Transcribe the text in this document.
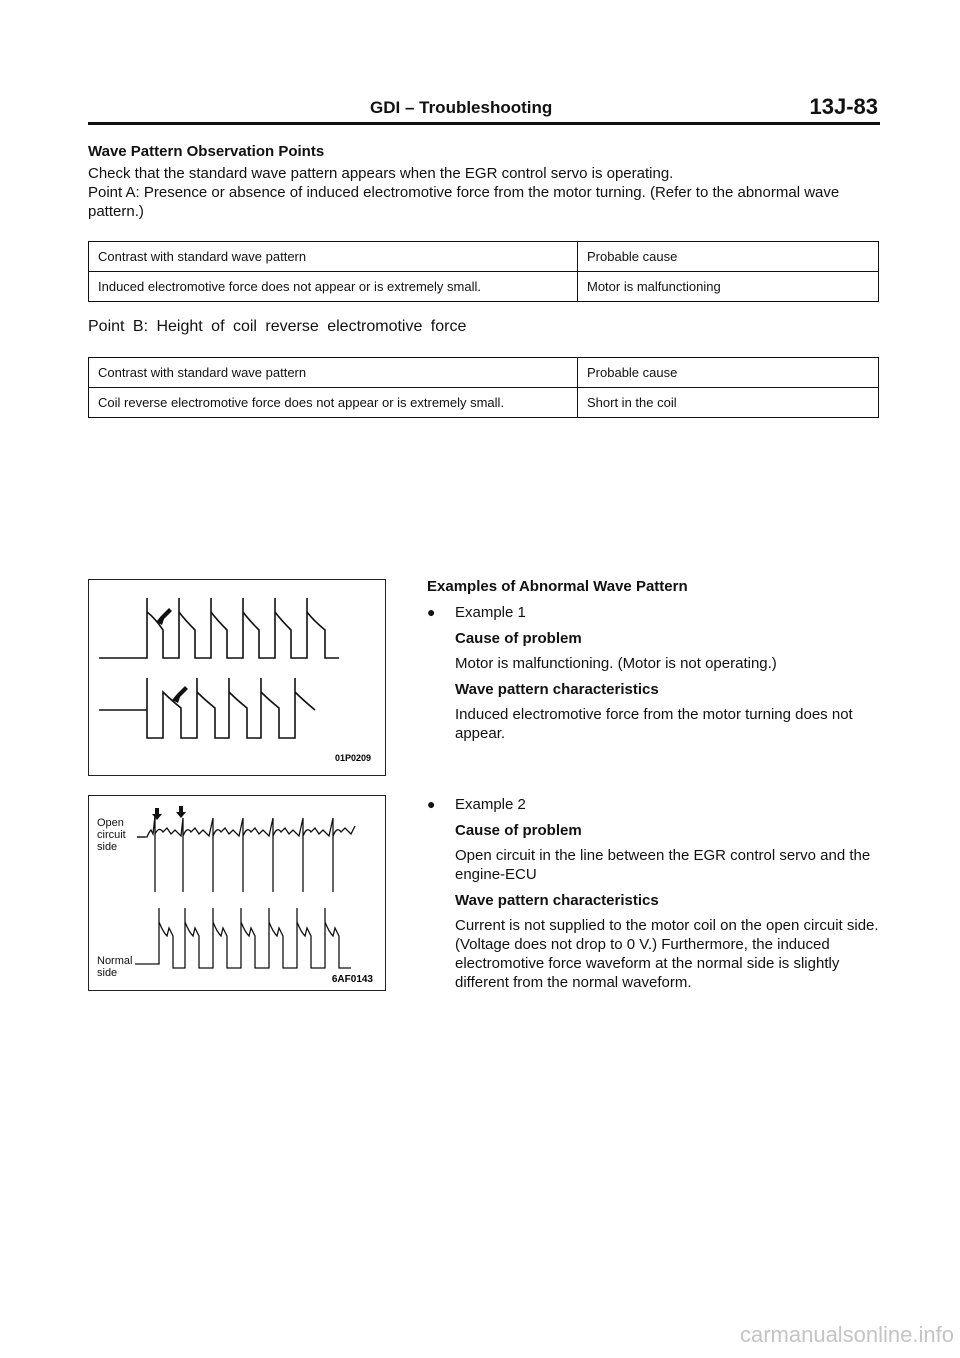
GDI – Troubleshooting	13J-83
Wave Pattern Observation Points
Check that the standard wave pattern appears when the EGR control servo is operating.
Point A: Presence or absence of induced electromotive force from the motor turning. (Refer to the abnormal wave pattern.)
Contrast with standard wave pattern	Probable cause
Induced electromotive force does not appear or is extremely small.	Motor is malfunctioning
Point B: Height of coil reverse electromotive force
Contrast with standard wave pattern	Probable cause
Coil reverse electromotive force does not appear or is extremely small.	Short in the coil
01P0209
Open
circuit
side
Normal
side
6AF0143
Examples of Abnormal Wave Pattern
● Example 1
Cause of problem
Motor is malfunctioning. (Motor is not operating.)
Wave pattern characteristics
Induced electromotive force from the motor turning does not appear.
● Example 2
Cause of problem
Open circuit in the line between the EGR control servo and the engine-ECU
Wave pattern characteristics
Current is not supplied to the motor coil on the open circuit side. (Voltage does not drop to 0 V.) Furthermore, the induced electromotive force waveform at the normal side is slightly different from the normal waveform.
carmanualsonline.info
